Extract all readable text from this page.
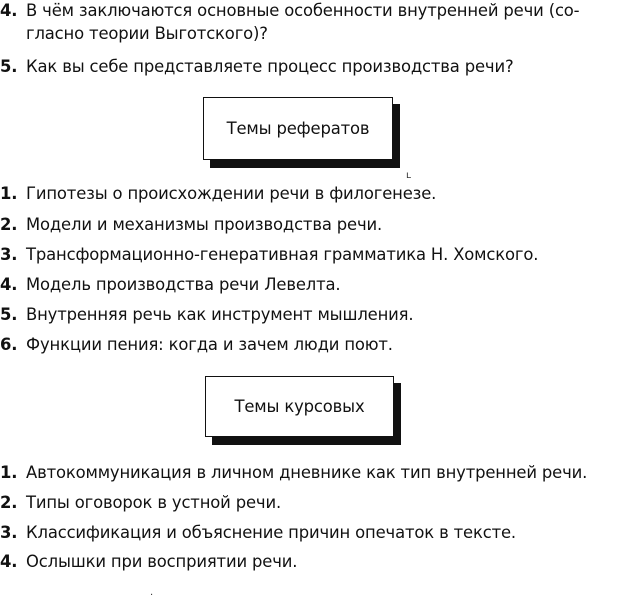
4. В чём заключаются основные особенности внутренней речи (со-
гласно теории Выготского)?
5. Как вы себе представляете процесс производства речи?
Темы рефератов
ʟ
1. Гипотезы о происхождении речи в филогенезе.
2. Модели и механизмы производства речи.
3. Трансформационно-генеративная грамматика Н. Хомского.
4. Модель производства речи Левелта.
5. Внутренняя речь как инструмент мышления.
6. Функции пения: когда и зачем люди поют.
Темы курсовых
1. Автокоммуникация в личном дневнике как тип внутренней речи.
2. Типы оговорок в устной речи.
3. Классификация и объяснение причин опечаток в тексте.
4. Ослышки при восприятии речи.
·
